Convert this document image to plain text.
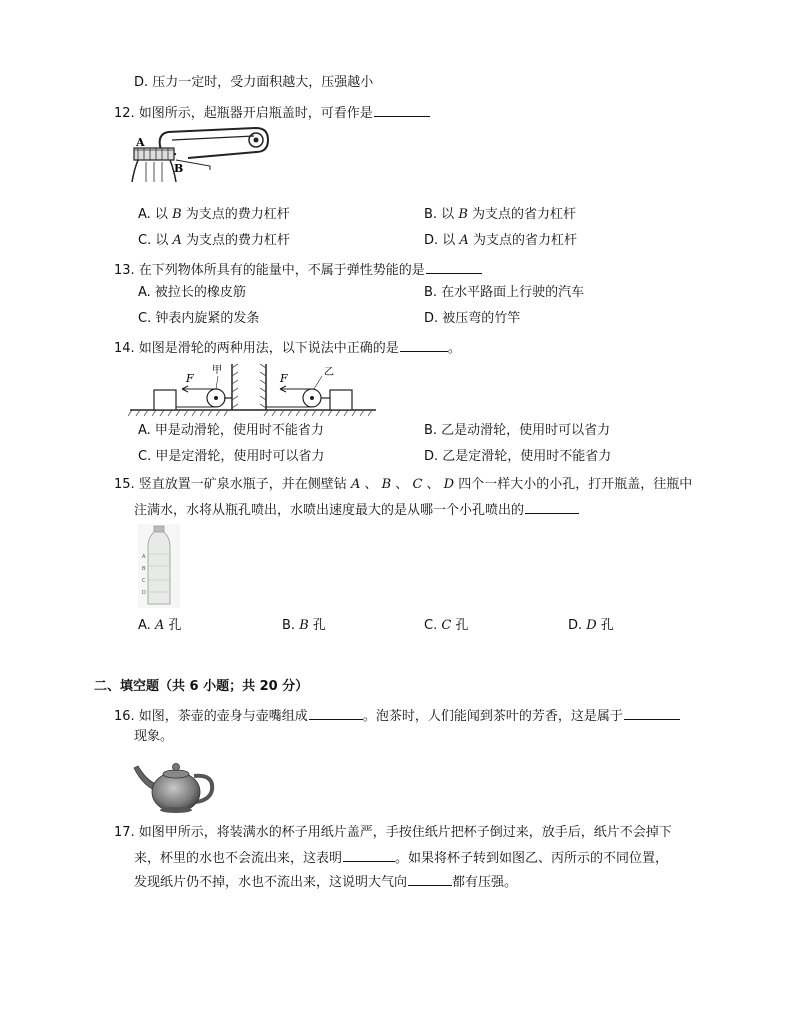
D. 压力一定时，受力面积越大，压强越小
12. 如图所示，起瓶器开启瓶盖时，可看作是
A
B
A. 以 B 为支点的费力杠杆	B. 以 B 为支点的省力杠杆
C. 以 A 为支点的费力杠杆	D. 以 A 为支点的省力杠杆
13. 在下列物体所具有的能量中，不属于弹性势能的是
A. 被拉长的橡皮筋	B. 在水平路面上行驶的汽车
C. 钟表内旋紧的发条	D. 被压弯的竹竿
14. 如图是滑轮的两种用法，以下说法中正确的是	。
F
甲
F	乙
A. 甲是动滑轮，使用时不能省力	B. 乙是动滑轮，使用时可以省力
C. 甲是定滑轮，使用时可以省力	D. 乙是定滑轮，使用时不能省力
15. 竖直放置一矿泉水瓶子，并在侧壁钻 A 、 B 、 C 、 D 四个一样大小的小孔，打开瓶盖，往瓶中
注满水，水将从瓶孔喷出，水喷出速度最大的是从哪一个小孔喷出的
A
B
C
D
A. A 孔	B. B 孔	C. C 孔	D. D 孔
二、填空题（共 6 小题；共 20 分）
16. 如图，茶壶的壶身与壶嘴组成	。泡茶时，人们能闻到茶叶的芳香，这是属于
现象。
17. 如图甲所示，将装满水的杯子用纸片盖严，手按住纸片把杯子倒过来，放手后，纸片不会掉下
来，杯里的水也不会流出来，这表明	。如果将杯子转到如图乙、丙所示的不同位置，
发现纸片仍不掉，水也不流出来，这说明大气向	都有压强。
